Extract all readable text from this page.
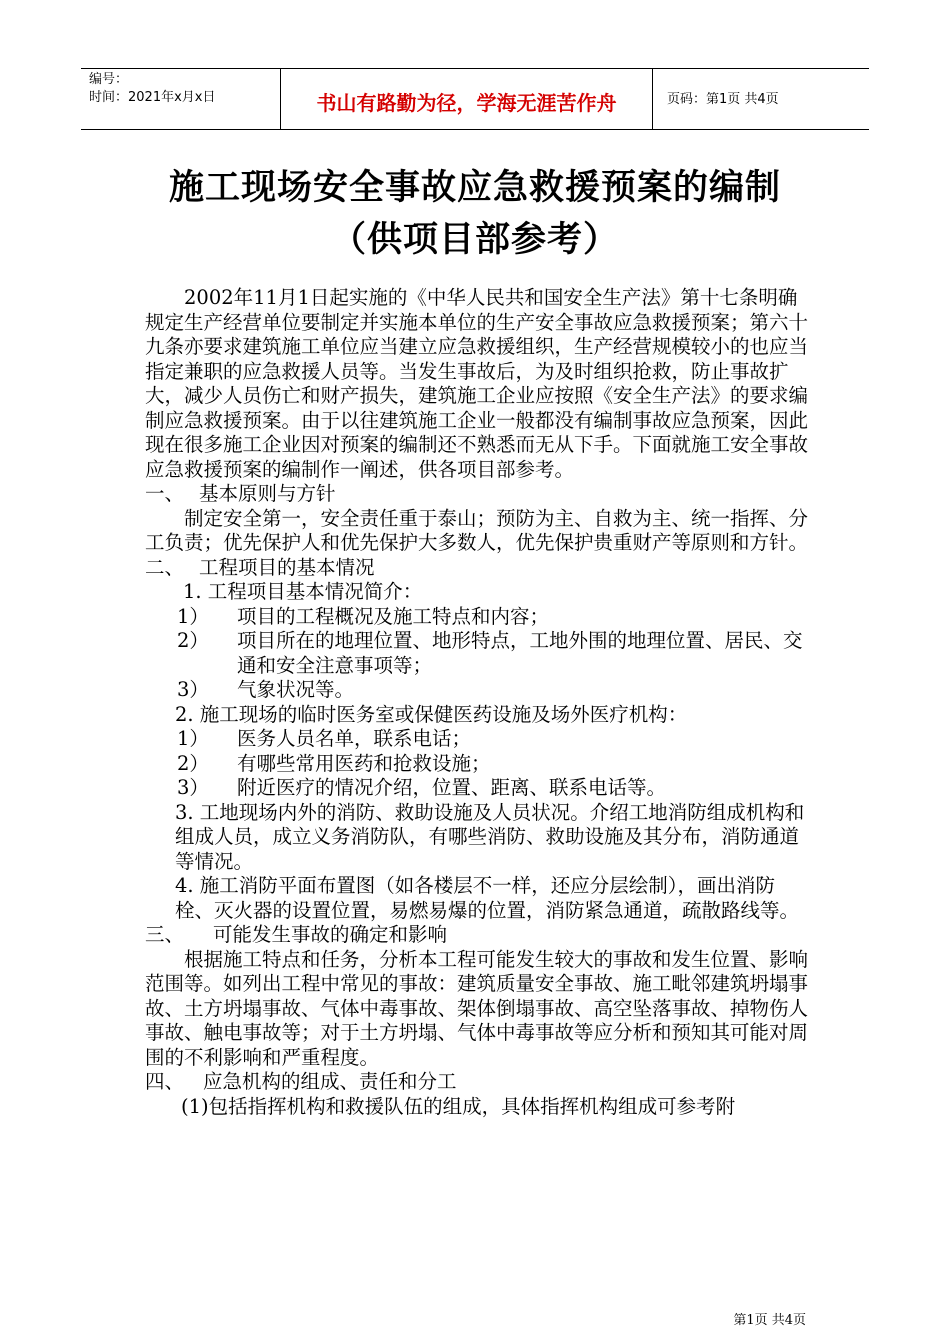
编号：
时间：2021年x月x日	书山有路勤为径，学海无涯苦作舟	页码：第1页 共4页
施工现场安全事故应急救援预案的编制
（供项目部参考）

2002年11月1日起实施的《中华人民共和国安全生产法》第十七条明确规定生产经营单位要制定并实施本单位的生产安全事故应急救援预案；第六十九条亦要求建筑施工单位应当建立应急救援组织，生产经营规模较小的也应当指定兼职的应急救援人员等。当发生事故后，为及时组织抢救，防止事故扩大，减少人员伤亡和财产损失，建筑施工企业应按照《安全生产法》的要求编制应急救援预案。由于以往建筑施工企业一般都没有编制事故应急预案，因此现在很多施工企业因对预案的编制还不熟悉而无从下手。下面就施工安全事故应急救援预案的编制作一阐述，供各项目部参考。

一、 基本原则与方针

制定安全第一，安全责任重于泰山；预防为主、自救为主、统一指挥、分工负责；优先保护人和优先保护大多数人，优先保护贵重财产等原则和方针。

二、 工程项目的基本情况

1. 工程项目基本情况简介：

1）	项目的工程概况及施工特点和内容；
2）	项目所在的地理位置、地形特点，工地外围的地理位置、居民、交通和安全注意事项等；
3）	气象状况等。

2. 施工现场的临时医务室或保健医药设施及场外医疗机构：

1）	医务人员名单，联系电话；
2）	有哪些常用医药和抢救设施；
3）	附近医疗的情况介绍，位置、距离、联系电话等。

3. 工地现场内外的消防、救助设施及人员状况。介绍工地消防组成机构和组成人员，成立义务消防队，有哪些消防、救助设施及其分布，消防通道等情况。

4. 施工消防平面布置图（如各楼层不一样，还应分层绘制），画出消防栓、灭火器的设置位置，易燃易爆的位置，消防紧急通道，疏散路线等。

三、	可能发生事故的确定和影响

根据施工特点和任务，分析本工程可能发生较大的事故和发生位置、影响范围等。如列出工程中常见的事故：建筑质量安全事故、施工毗邻建筑坍塌事故、土方坍塌事故、气体中毒事故、架体倒塌事故、高空坠落事故、掉物伤人事故、触电事故等；对于土方坍塌、气体中毒事故等应分析和预知其可能对周围的不利影响和严重程度。

四、 应急机构的组成、责任和分工

(1)包括指挥机构和救援队伍的组成，具体指挥机构组成可参考附

第1页 共4页
